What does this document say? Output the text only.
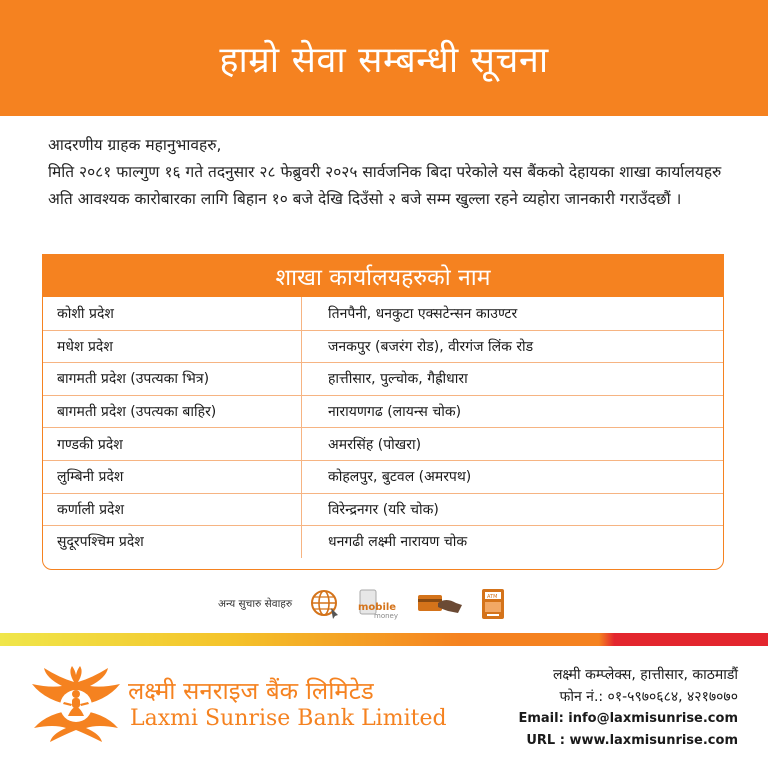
हाम्रो सेवा सम्बन्धी सूचना

आदरणीय ग्राहक महानुभावहरु,

मिति २०८१ फाल्गुण १६ गते तदनुसार २८ फेब्रुवरी २०२५ सार्वजनिक बिदा परेकोले यस बैंकको देहायका शाखा कार्यालयहरु अति आवश्यक कारोबारका लागि बिहान १० बजे देखि दिउँसो २ बजे सम्म खुल्ला रहने व्यहोरा जानकारी गराउँदछौं ।

शाखा कार्यालयहरुको नाम
कोशी प्रदेश	तिनपैनी, धनकुटा एक्सटेन्सन काउण्टर
मधेश प्रदेश	जनकपुर (बजरंग रोड), वीरगंज लिंक रोड
बागमती प्रदेश (उपत्यका भित्र)	हात्तीसार, पुल्चोक, गैह्रीधारा
बागमती प्रदेश (उपत्यका बाहिर)	नारायणगढ (लायन्स चोक)
गण्डकी प्रदेश	अमरसिंह (पोखरा)
लुम्बिनी प्रदेश	कोहलपुर, बुटवल (अमरपथ)
कर्णाली प्रदेश	विरेन्द्रनगर (यरि चोक)
सुदूरपश्चिम प्रदेश	धनगढी लक्ष्मी नारायण चोक
अन्य सुचारु सेवाहरु	mobile
money
ATM
लक्ष्मी सनराइज बैंक लिमिटेड
Laxmi Sunrise Bank Limited
लक्ष्मी कम्प्लेक्स, हात्तीसार, काठमाडौं
फोन नं.: ०१-५९७०६८४, ४२१७०७०
Email: info@laxmisunrise.com
URL : www.laxmisunrise.com
